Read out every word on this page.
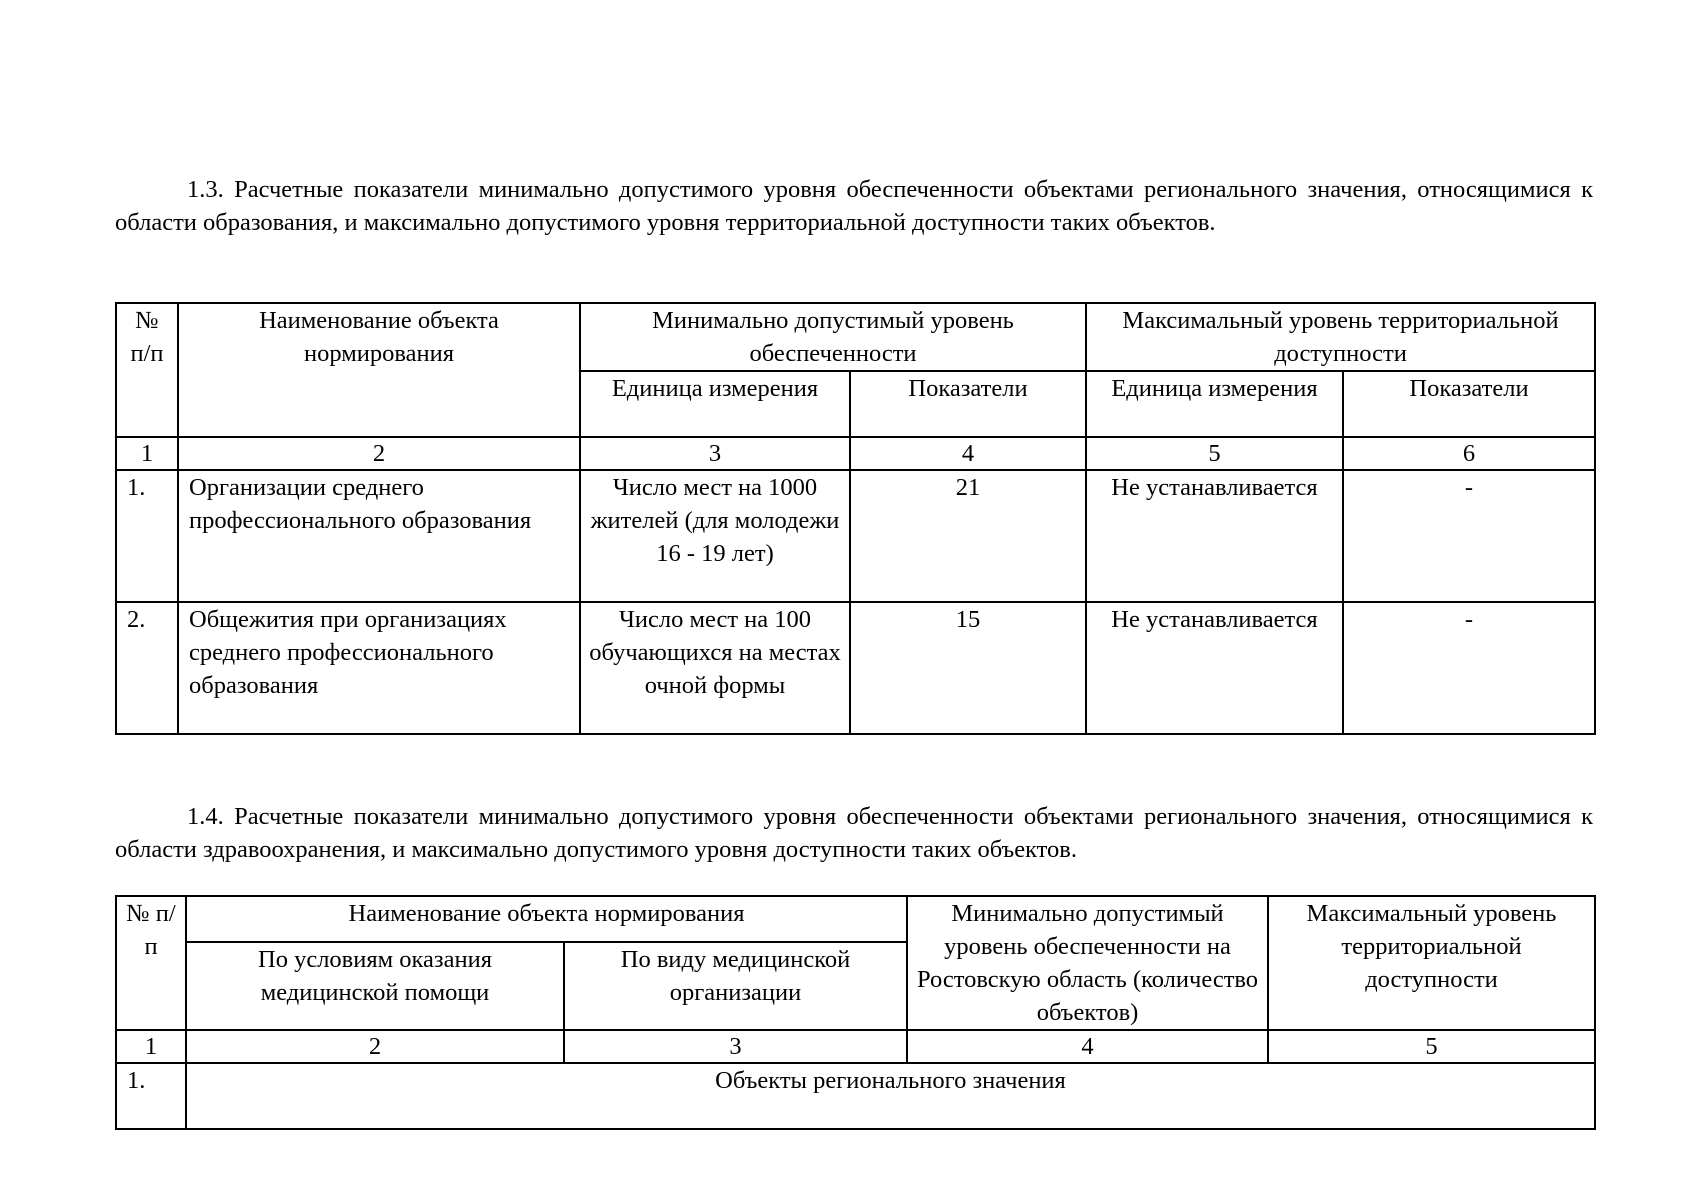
1.3. Расчетные показатели минимально допустимого уровня обеспеченности объектами регионального значения, относящимися к области образования, и максимально допустимого уровня территориальной доступности таких объектов.

№ п/п	Наименование объекта нормирования	Минимально допустимый уровень обеспеченности		Максимальный уровень территориальной доступности	
		Единица измерения	Показатели	Единица измерения	Показатели
1	2	3	4	5	6
1.	Организации среднего профессионального образования	Число мест на 1000 жителей (для молодежи 16 - 19 лет)	21	Не устанавливается	-
2.	Общежития при организациях среднего профессионального образования	Число мест на 100 обучающихся на местах очной формы	15	Не устанавливается	-

1.4. Расчетные показатели минимально допустимого уровня обеспеченности объектами регионального значения, относящимися к области здравоохранения, и максимально допустимого уровня доступности таких объектов.

№ п/п	Наименование объекта нормирования		Минимально допустимый уровень обеспеченности на Ростовскую область (количество объектов)	Максимальный уровень территориальной доступности
	По условиям оказания медицинской помощи	По виду медицинской организации		
1	2	3	4	5
1.	Объекты регионального значения			
